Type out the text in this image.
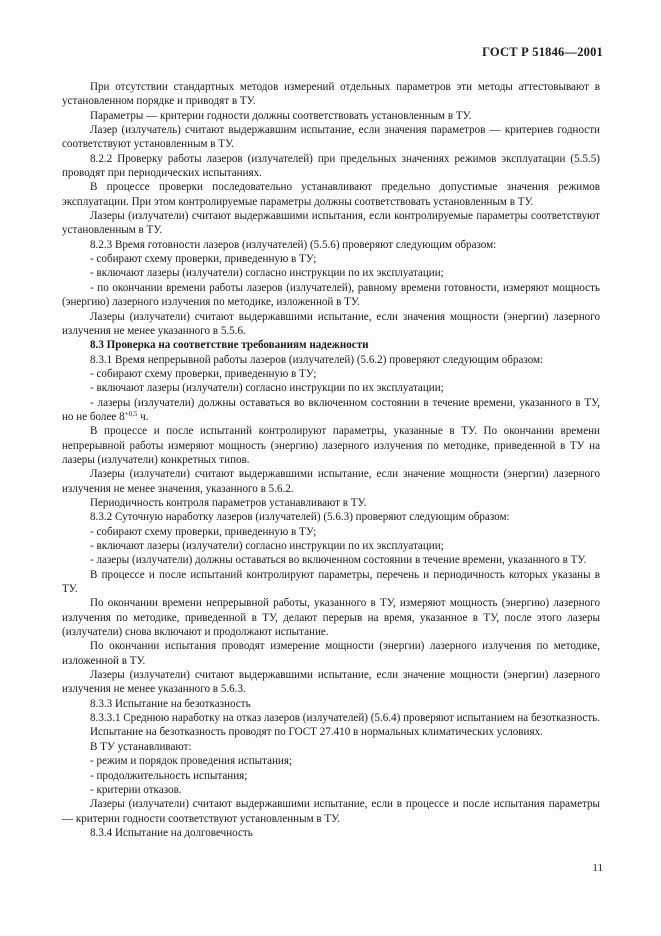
ГОСТ Р 51846—2001

При отсутствии стандартных методов измерений отдельных параметров эти методы аттестовывают в установленном порядке и приводят в ТУ.

Параметры — критерии годности должны соответствовать установленным в ТУ.

Лазер (излучатель) считают выдержавшим испытание, если значения параметров — критериев годности соответствуют установленным в ТУ.

8.2.2 Проверку работы лазеров (излучателей) при предельных значениях режимов эксплуатации (5.5.5) проводят при периодических испытаниях.

В процессе проверки последовательно устанавливают предельно допустимые значения режимов эксплуатации. При этом контролируемые параметры должны соответствовать установленным в ТУ.

Лазеры (излучатели) считают выдержавшими испытания, если контролируемые параметры соответствуют установленным в ТУ.

8.2.3 Время готовности лазеров (излучателей) (5.5.6) проверяют следующим образом:

- собирают схему проверки, приведенную в ТУ;

- включают лазеры (излучатели) согласно инструкции по их эксплуатации;

- по окончании времени работы лазеров (излучателей), равному времени готовности, измеряют мощность (энергию) лазерного излучения по методике, изложенной в ТУ.

Лазеры (излучатели) считают выдержавшими испытание, если значения мощности (энергии) лазерного излучения не менее указанного в 5.5.6.

8.3 Проверка на соответствие требованиям надежности

8.3.1 Время непрерывной работы лазеров (излучателей) (5.6.2) проверяют следующим образом:

- собирают схему проверки, приведенную в ТУ;

- включают лазеры (излучатели) согласно инструкции по их эксплуатации;

- лазеры (излучатели) должны оставаться во включенном состоянии в течение времени, указанного в ТУ, но не более $8^{+0,5}$ ч.

В процессе и после испытаний контролируют параметры, указанные в ТУ. По окончании времени непрерывной работы измеряют мощность (энергию) лазерного излучения по методике, приведенной в ТУ на лазеры (излучатели) конкретных типов.

Лазеры (излучатели) считают выдержавшими испытание, если значение мощности (энергии) лазерного излучения не менее значения, указанного в 5.6.2.

Периодичность контроля параметров устанавливают в ТУ.

8.3.2 Суточную наработку лазеров (излучателей) (5.6.3) проверяют следующим образом:

- собирают схему проверки, приведенную в ТУ;

- включают лазеры (излучатели) согласно инструкции по их эксплуатации;

- лазеры (излучатели) должны оставаться во включенном состоянии в течение времени, указанного в ТУ.

В процессе и после испытаний контролируют параметры, перечень и периодичность которых указаны в ТУ.

По окончании времени непрерывной работы, указанного в ТУ, измеряют мощность (энергию) лазерного излучения по методике, приведенной в ТУ, делают перерыв на время, указанное в ТУ, после этого лазеры (излучатели) снова включают и продолжают испытание.

По окончании испытания проводят измерение мощности (энергии) лазерного излучения по методике, изложенной в ТУ.

Лазеры (излучатели) считают выдержавшими испытание, если значение мощности (энергии) лазерного излучения не менее указанного в 5.6.3.

8.3.3 Испытание на безотказность

8.3.3.1 Среднюю наработку на отказ лазеров (излучателей) (5.6.4) проверяют испытанием на безотказность.

Испытание на безотказность проводят по ГОСТ 27.410 в нормальных климатических условиях.

В ТУ устанавливают:

- режим и порядок проведения испытания;

- продолжительность испытания;

- критерии отказов.

Лазеры (излучатели) считают выдержавшими испытание, если в процессе и после испытания параметры — критерии годности соответствуют установленным в ТУ.

8.3.4 Испытание на долговечность

11
